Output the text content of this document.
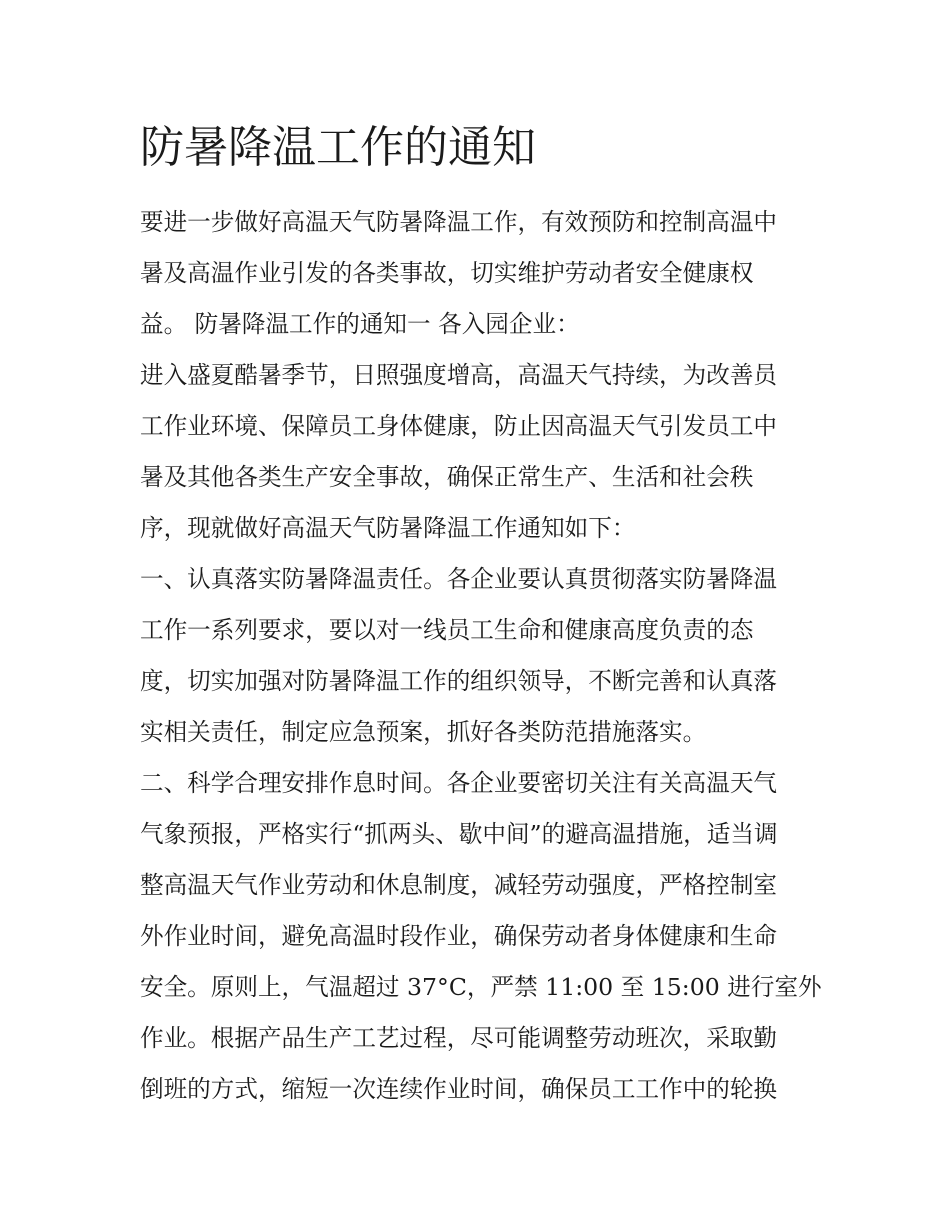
防暑降温工作的通知
要进一步做好高温天气防暑降温工作，有效预防和控制高温中
暑及高温作业引发的各类事故，切实维护劳动者安全健康权
益。 防暑降温工作的通知一 各入园企业：
进入盛夏酷暑季节，日照强度增高，高温天气持续，为改善员
工作业环境、保障员工身体健康，防止因高温天气引发员工中
暑及其他各类生产安全事故，确保正常生产、生活和社会秩
序，现就做好高温天气防暑降温工作通知如下：
一、认真落实防暑降温责任。各企业要认真贯彻落实防暑降温
工作一系列要求，要以对一线员工生命和健康高度负责的态
度，切实加强对防暑降温工作的组织领导，不断完善和认真落
实相关责任，制定应急预案，抓好各类防范措施落实。
二、科学合理安排作息时间。各企业要密切关注有关高温天气
气象预报，严格实行“抓两头、歇中间”的避高温措施，适当调
整高温天气作业劳动和休息制度，减轻劳动强度，严格控制室
外作业时间，避免高温时段作业，确保劳动者身体健康和生命
安全。原则上，气温超过 37°C，严禁 11:00 至 15:00 进行室外
作业。根据产品生产工艺过程，尽可能调整劳动班次，采取勤
倒班的方式，缩短一次连续作业时间，确保员工工作中的轮换
